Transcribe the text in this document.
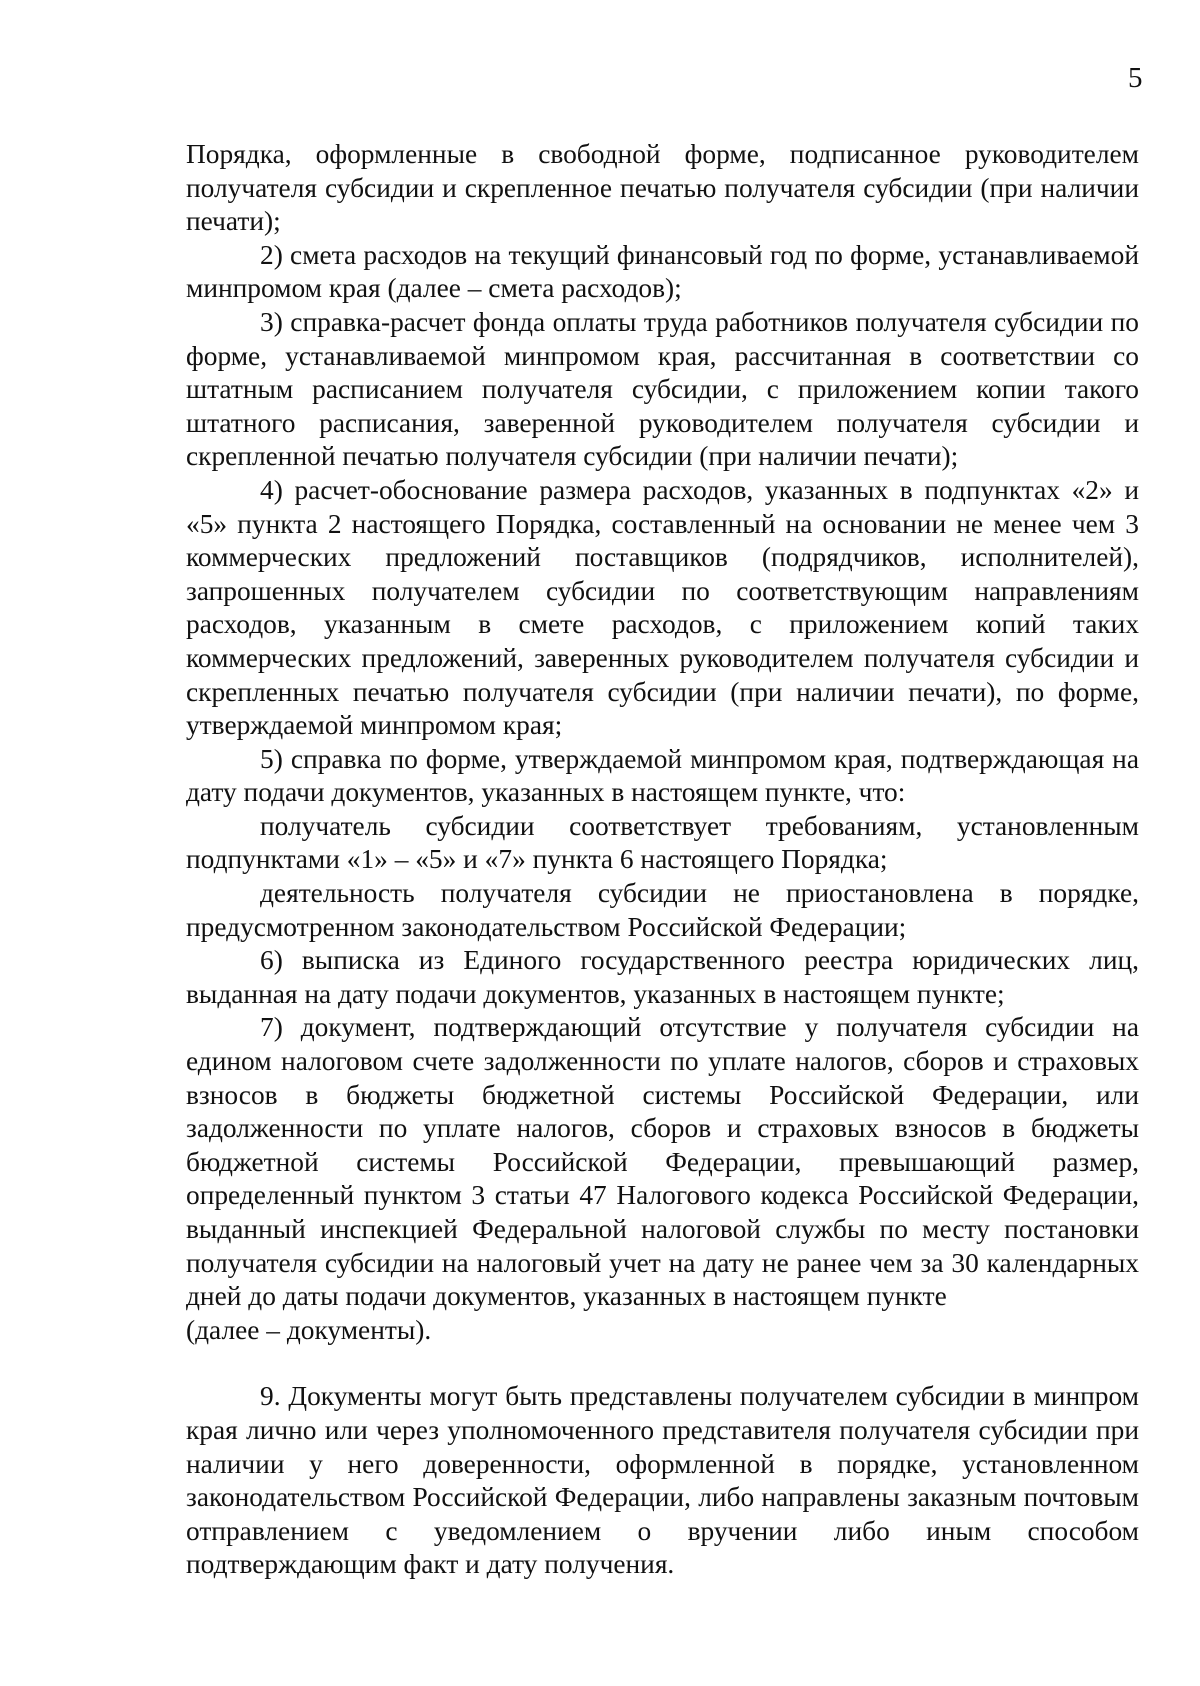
5

Порядка, оформленные в свободной форме, подписанное руководителем получателя субсидии и скрепленное печатью получателя субсидии (при наличии печати);

2) смета расходов на текущий финансовый год по форме, устанавливаемой минпромом края (далее – смета расходов);

3) справка-расчет фонда оплаты труда работников получателя субсидии по форме, устанавливаемой минпромом края, рассчитанная в соответствии со штатным расписанием получателя субсидии, с приложением копии такого штатного расписания, заверенной руководителем получателя субсидии и скрепленной печатью получателя субсидии (при наличии печати);

4) расчет-обоснование размера расходов, указанных в подпунктах «2» и «5» пункта 2 настоящего Порядка, составленный на основании не менее чем 3 коммерческих предложений поставщиков (подрядчиков, исполнителей), запрошенных получателем субсидии по соответствующим направлениям расходов, указанным в смете расходов, с приложением копий таких коммерческих предложений, заверенных руководителем получателя субсидии и скрепленных печатью получателя субсидии (при наличии печати), по форме, утверждаемой минпромом края;

5) справка по форме, утверждаемой минпромом края, подтверждающая на дату подачи документов, указанных в настоящем пункте, что:

получатель субсидии соответствует требованиям, установленным подпунктами «1» – «5» и «7» пункта 6 настоящего Порядка;

деятельность получателя субсидии не приостановлена в порядке, предусмотренном законодательством Российской Федерации;

6) выписка из Единого государственного реестра юридических лиц, выданная на дату подачи документов, указанных в настоящем пункте;

7) документ, подтверждающий отсутствие у получателя субсидии на едином налоговом счете задолженности по уплате налогов, сборов и страховых взносов в бюджеты бюджетной системы Российской Федерации, или задолженности по уплате налогов, сборов и страховых взносов в бюджеты бюджетной системы Российской Федерации, превышающий размер, определенный пунктом 3 статьи 47 Налогового кодекса Российской Федерации, выданный инспекцией Федеральной налоговой службы по месту постановки получателя субсидии на налоговый учет на дату не ранее чем за 30 календарных дней до даты подачи документов, указанных в настоящем пункте

(далее – документы).

9. Документы могут быть представлены получателем субсидии в минпром края лично или через уполномоченного представителя получателя субсидии при наличии у него доверенности, оформленной в порядке, установленном законодательством Российской Федерации, либо направлены заказным почтовым отправлением с уведомлением о вручении либо иным способом подтверждающим факт и дату получения.
